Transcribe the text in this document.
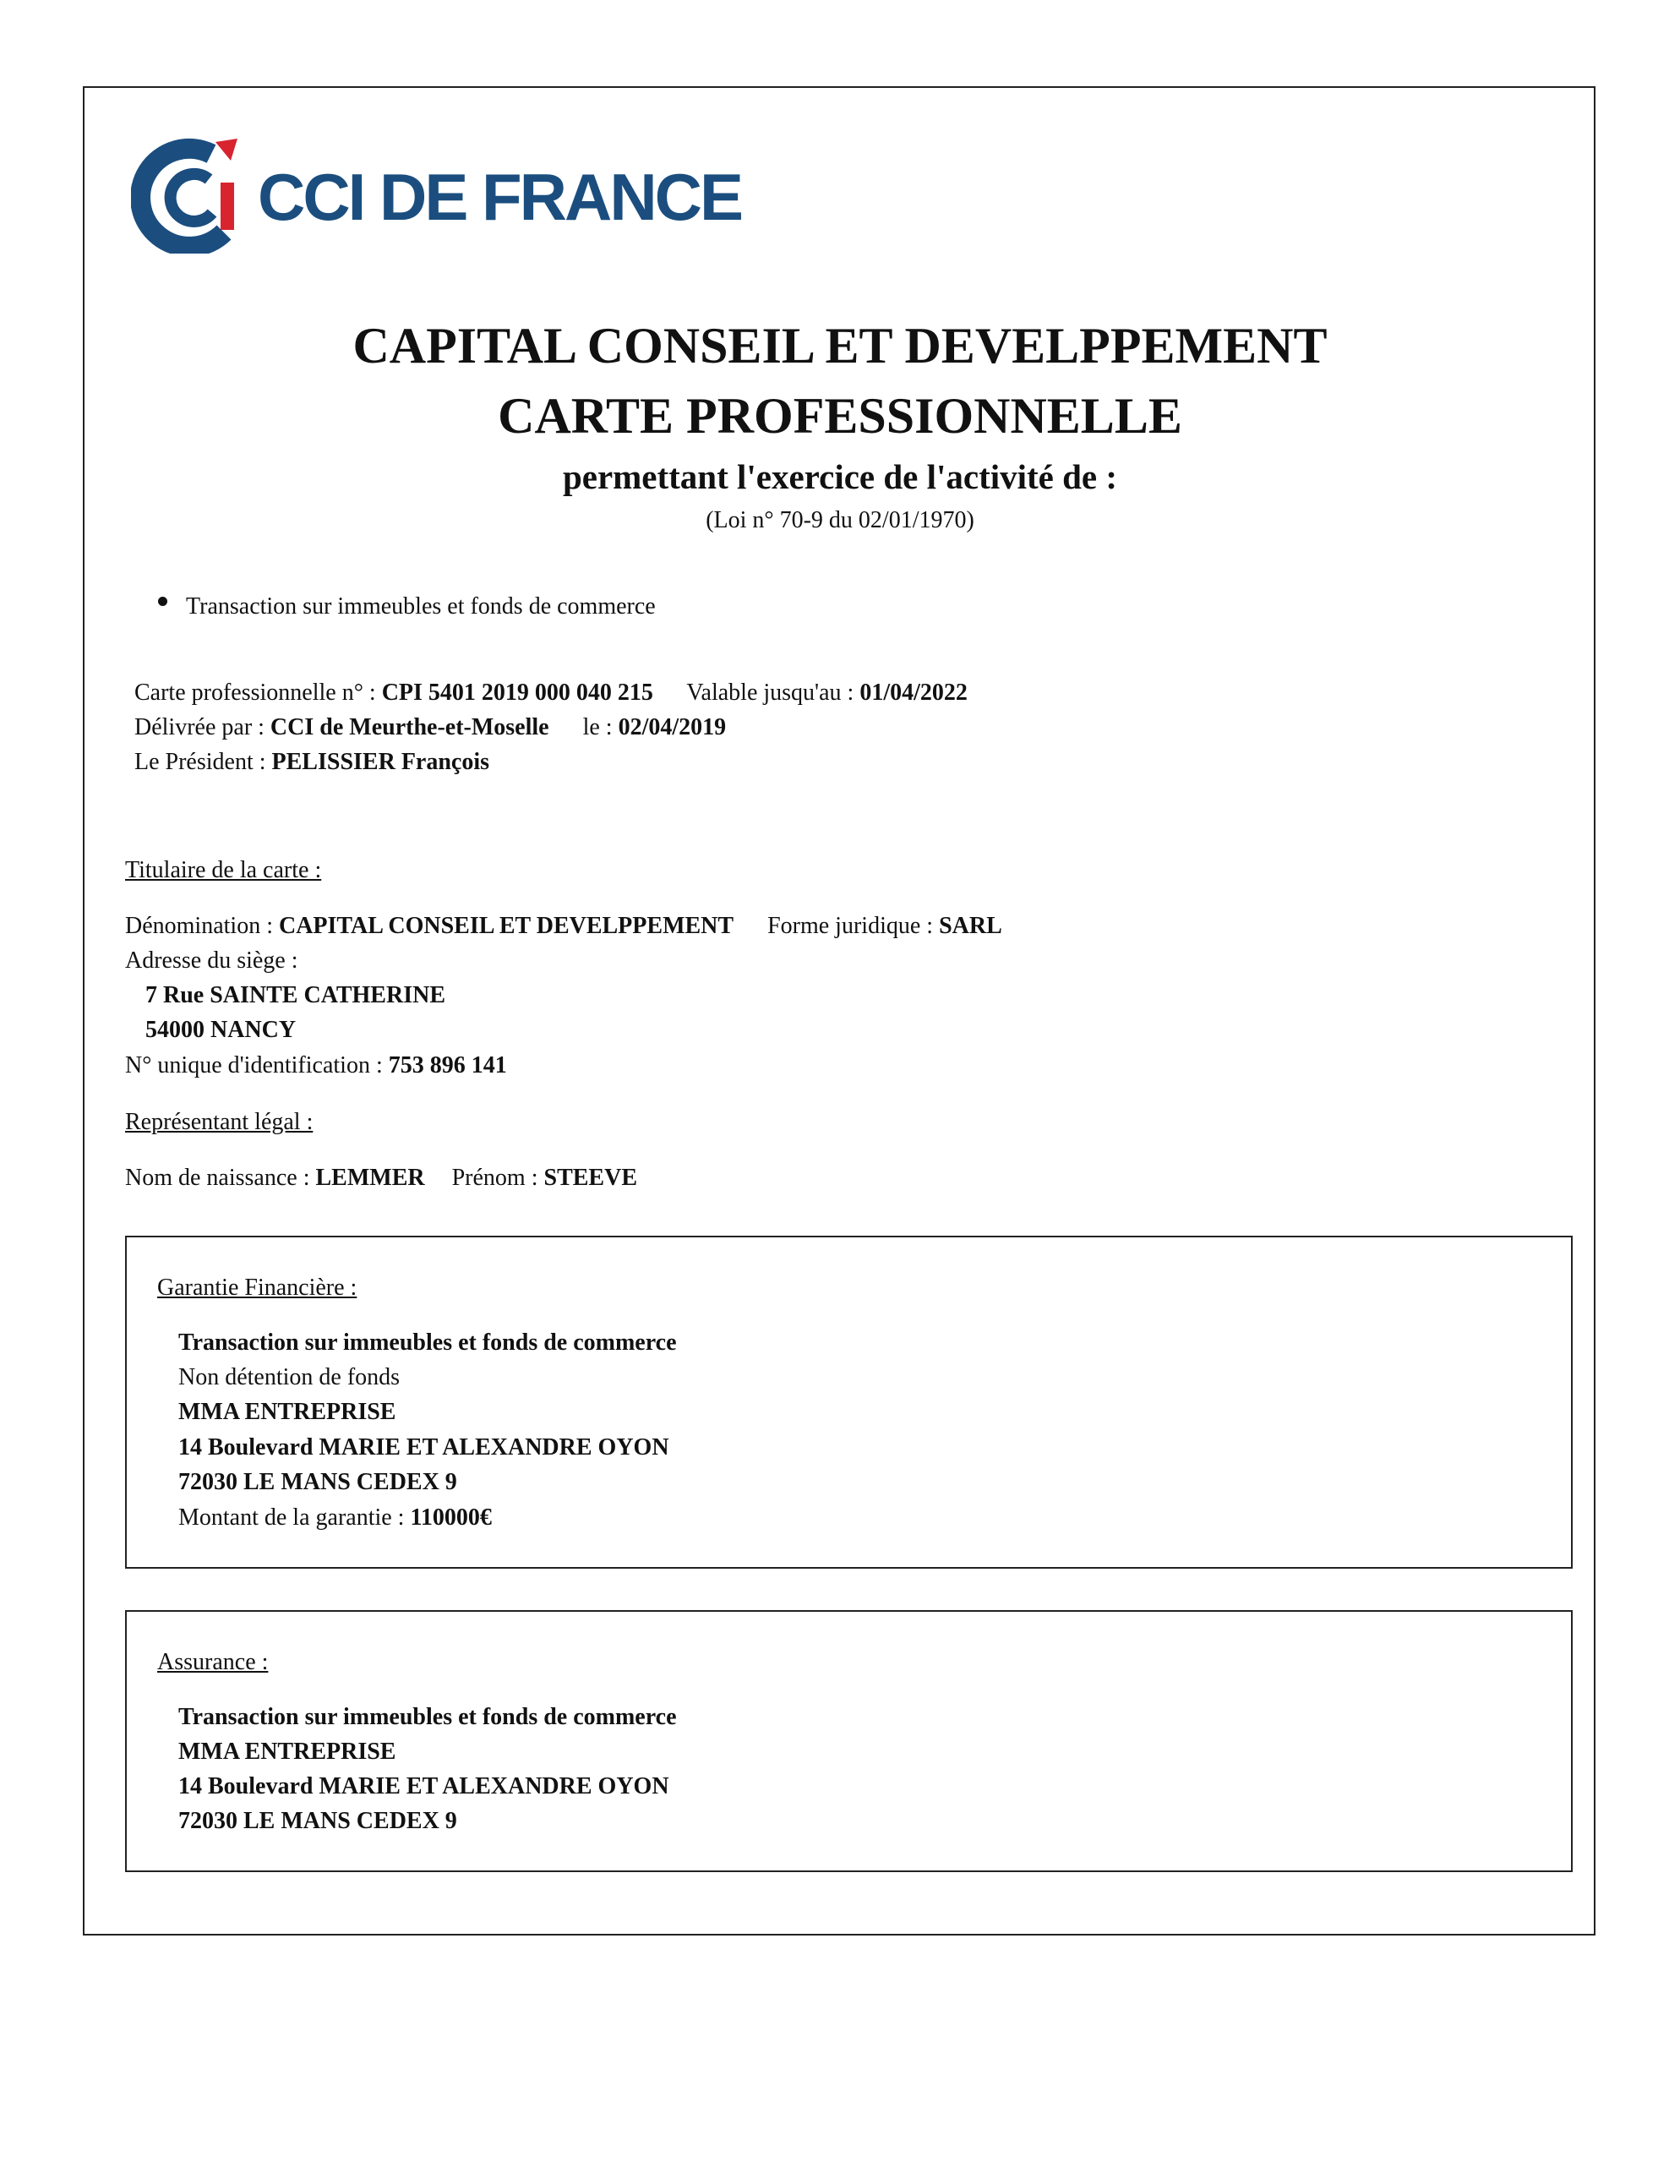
CCI DE FRANCE
CAPITAL CONSEIL ET DEVELPPEMENT
CARTE PROFESSIONNELLE
permettant l'exercice de l'activité de :
(Loi n° 70-9 du 02/01/1970)
Transaction sur immeubles et fonds de commerce
Carte professionnelle n° : CPI 5401 2019 000 040 215 Valable jusqu'au : 01/04/2022
Délivrée par : CCI de Meurthe-et-Moselle le : 02/04/2019
Le Président : PELISSIER François
Titulaire de la carte :
Dénomination : CAPITAL CONSEIL ET DEVELPPEMENT Forme juridique : SARL
Adresse du siège :
7 Rue SAINTE CATHERINE
54000 NANCY
N° unique d'identification : 753 896 141
Représentant légal :
Nom de naissance : LEMMER Prénom : STEEVE
Garantie Financière :
Transaction sur immeubles et fonds de commerce
Non détention de fonds
MMA ENTREPRISE
14 Boulevard MARIE ET ALEXANDRE OYON
72030 LE MANS CEDEX 9
Montant de la garantie : 110000€
Assurance :
Transaction sur immeubles et fonds de commerce
MMA ENTREPRISE
14 Boulevard MARIE ET ALEXANDRE OYON
72030 LE MANS CEDEX 9
